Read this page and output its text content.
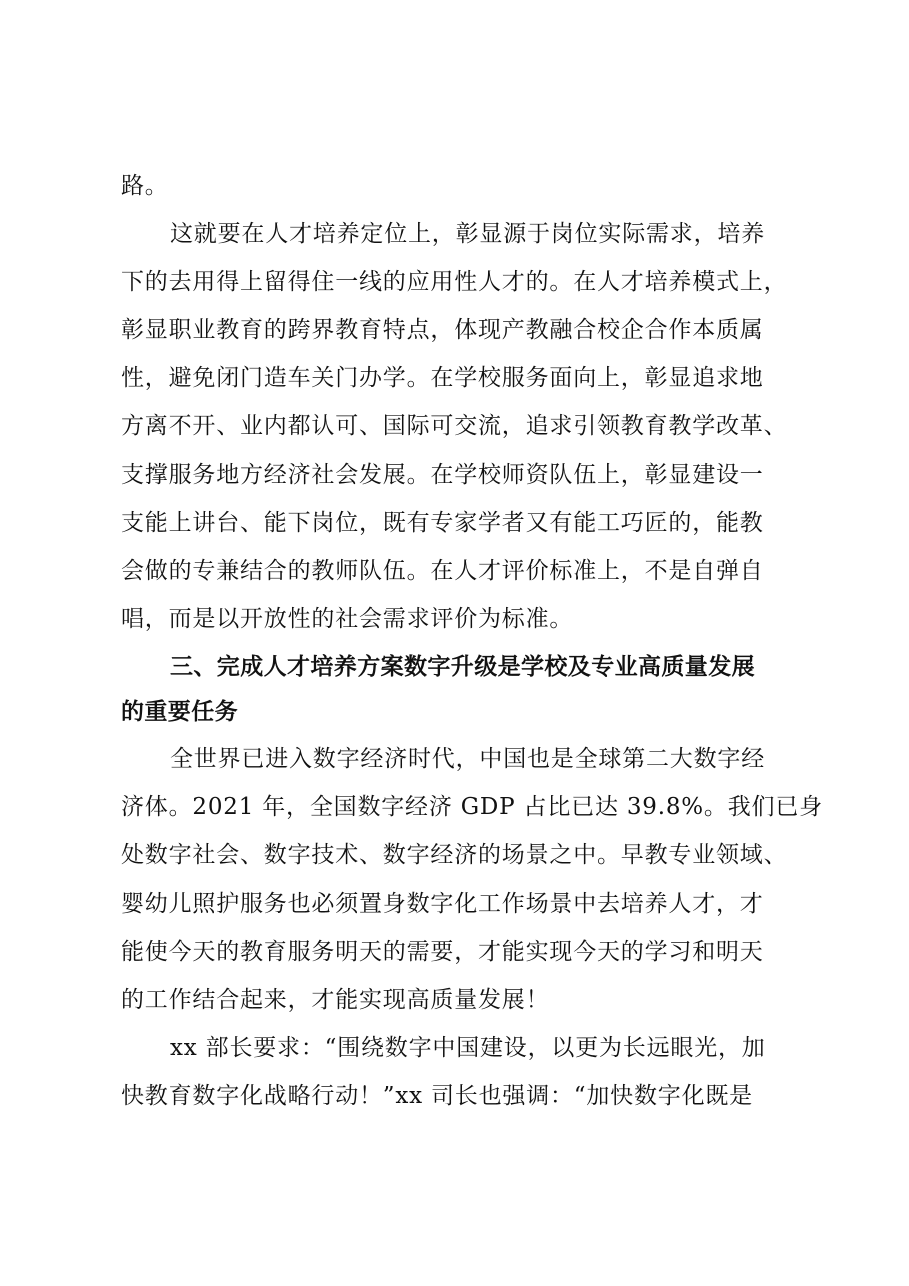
路。
这就要在人才培养定位上，彰显源于岗位实际需求，培养
下的去用得上留得住一线的应用性人才的。在人才培养模式上，
彰显职业教育的跨界教育特点，体现产教融合校企合作本质属
性，避免闭门造车关门办学。在学校服务面向上，彰显追求地
方离不开、业内都认可、国际可交流，追求引领教育教学改革、
支撑服务地方经济社会发展。在学校师资队伍上，彰显建设一
支能上讲台、能下岗位，既有专家学者又有能工巧匠的，能教
会做的专兼结合的教师队伍。在人才评价标准上，不是自弹自
唱，而是以开放性的社会需求评价为标准。
三、完成人才培养方案数字升级是学校及专业高质量发展
的重要任务
全世界已进入数字经济时代，中国也是全球第二大数字经
济体。2021 年，全国数字经济 GDP 占比已达 39.8%。我们已身
处数字社会、数字技术、数字经济的场景之中。早教专业领域、
婴幼儿照护服务也必须置身数字化工作场景中去培养人才，才
能使今天的教育服务明天的需要，才能实现今天的学习和明天
的工作结合起来，才能实现高质量发展！
xx 部长要求：“围绕数字中国建设，以更为长远眼光，加
快教育数字化战略行动！”xx 司长也强调：“加快数字化既是
